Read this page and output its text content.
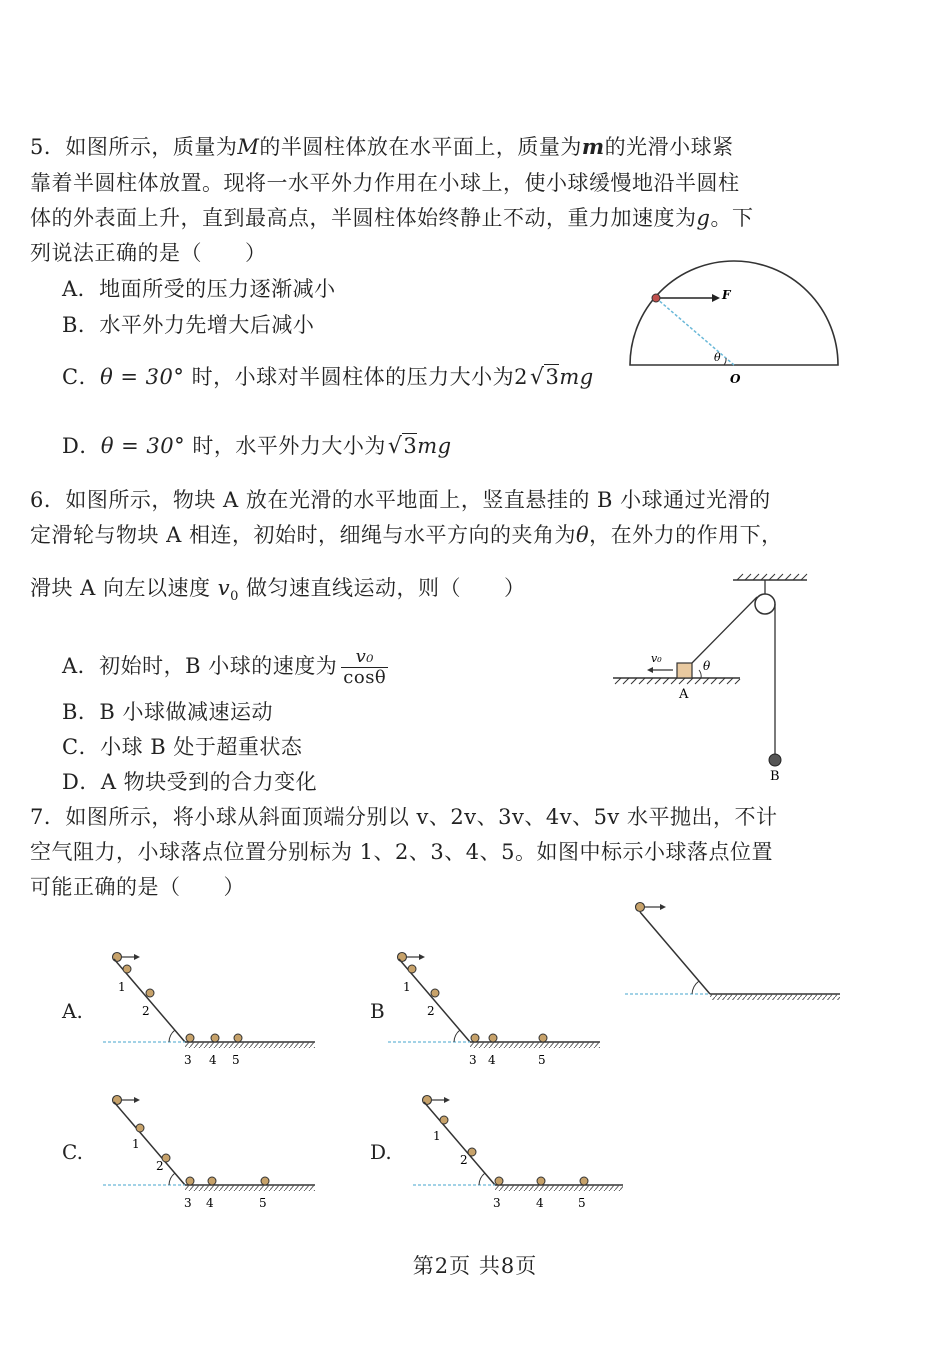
5．如图所示，质量为M的半圆柱体放在水平面上，质量为m的光滑小球紧
靠着半圆柱体放置。现将一水平外力作用在小球上，使小球缓慢地沿半圆柱
体的外表面上升，直到最高点，半圆柱体始终静止不动，重力加速度为g。下
列说法正确的是（　　）
A．地面所受的压力逐渐减小
B．水平外力先增大后减小
C．θ = 30° 时，小球对半圆柱体的压力大小为2√3mg
D．θ = 30° 时，水平外力大小为√3mg
F
θ
O
6．如图所示，物块 A 放在光滑的水平地面上，竖直悬挂的 B 小球通过光滑的
定滑轮与物块 A 相连，初始时，细绳与水平方向的夹角为θ，在外力的作用下，
滑块 A 向左以速度 $v_0$ 做匀速直线运动，则（　　）
A．初始时，B 小球的速度为 $\frac{\text{v₀}}{\cos\theta}$
B．B 小球做减速运动
C．小球 B 处于超重状态
D．A 物块受到的合力变化	B
A
v₀
θ
7．如图所示，将小球从斜面顶端分别以 v、2v、3v、4v、5v 水平抛出，不计
空气阻力，小球落点位置分别标为 1、2、3、4、5。如图中标示小球落点位置
可能正确的是（　　）
A.	B
C.	D.
1
2
3 4 5
1
2
3 4	5
1
2
3 4	5
1
2
3	4	5
第2页 共8页
